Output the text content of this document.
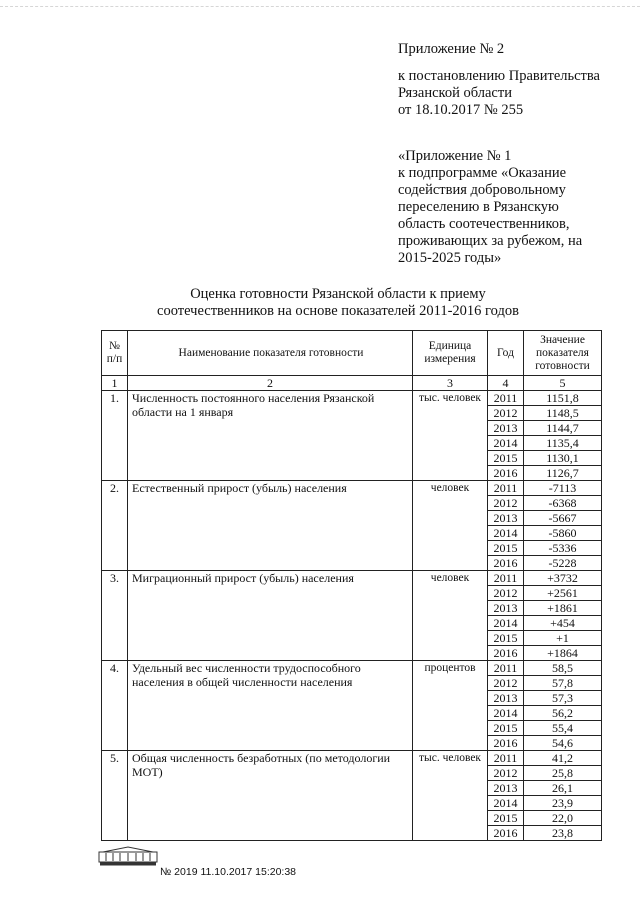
Приложение № 2
к постановлению Правительства
Рязанской области
от 18.10.2017 № 255
«Приложение № 1
к подпрограмме «Оказание
содействия добровольному
переселению в Рязанскую
область соотечественников,
проживающих за рубежом, на
2015-2025 годы»
Оценка готовности Рязанской области к приему
соотечественников на основе показателей 2011-2016 годов
№ п/п	Наименование показателя готовности	Единица измерения	Год	Значение показателя готовности
1	2	3	4	5
1.	Численность постоянного населения Рязанской области на 1 января	тыс. человек	2011	1151,8
			2012	1148,5
			2013	1144,7
			2014	1135,4
			2015	1130,1
			2016	1126,7
2.	Естественный прирост (убыль) населения	человек	2011	-7113
			2012	-6368
			2013	-5667
			2014	-5860
			2015	-5336
			2016	-5228
3.	Миграционный прирост (убыль) населения	человек	2011	+3732
			2012	+2561
			2013	+1861
			2014	+454
			2015	+1
			2016	+1864
4.	Удельный вес численности трудоспособного населения в общей численности населения	процентов	2011	58,5
			2012	57,8
			2013	57,3
			2014	56,2
			2015	55,4
			2016	54,6
5.	Общая численность безработных (по методологии МОТ)	тыс. человек	2011	41,2
			2012	25,8
			2013	26,1
			2014	23,9
			2015	22,0
			2016	23,8
№ 2019 11.10.2017 15:20:38
